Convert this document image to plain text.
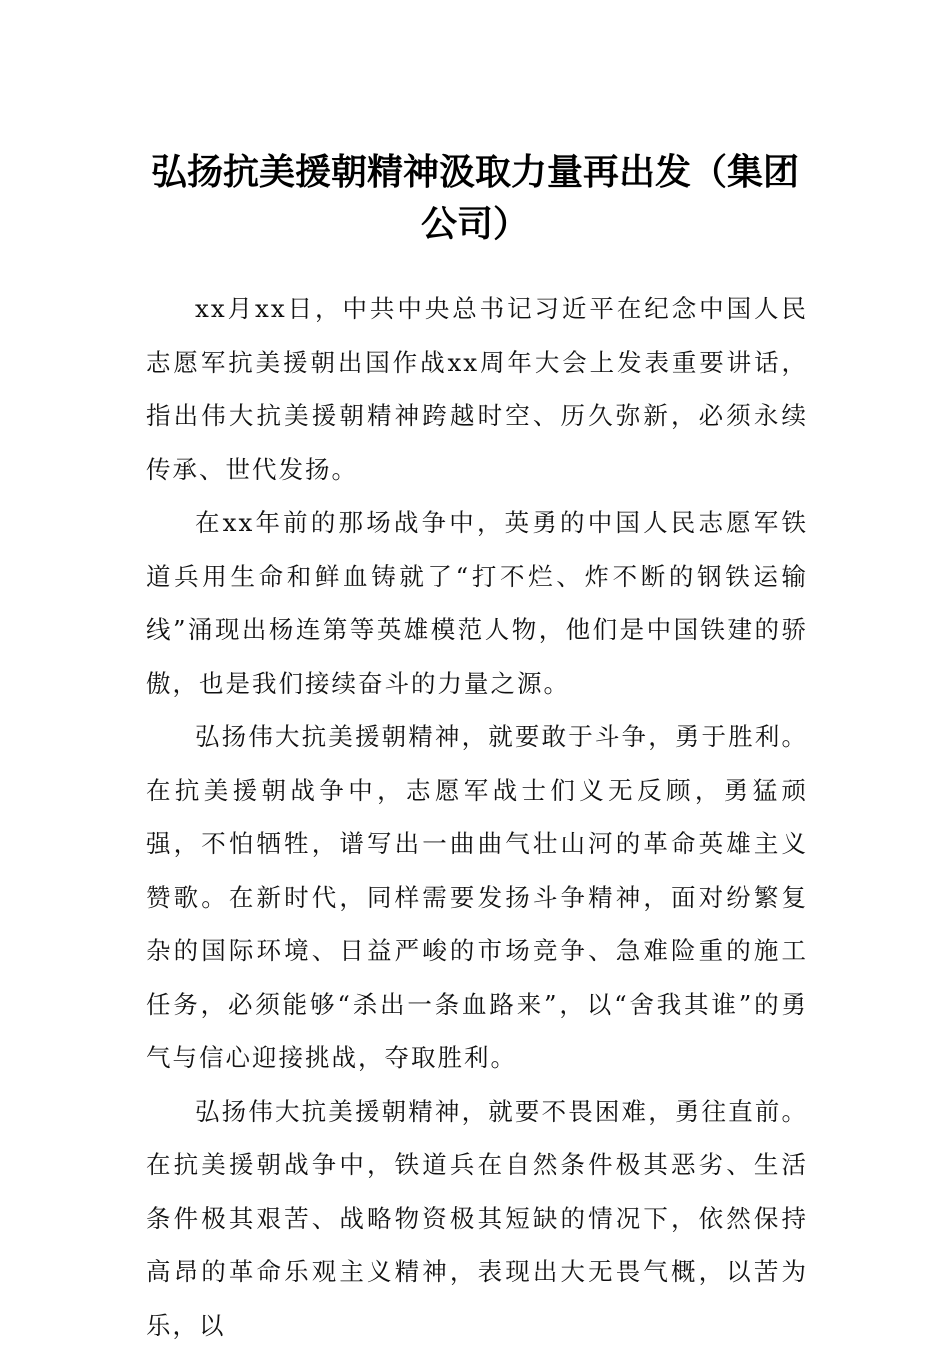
弘扬抗美援朝精神汲取力量再出发（集团公司）

xx月xx日，中共中央总书记习近平在纪念中国人民志愿军抗美援朝出国作战xx周年大会上发表重要讲话，指出伟大抗美援朝精神跨越时空、历久弥新，必须永续传承、世代发扬。

在xx年前的那场战争中，英勇的中国人民志愿军铁道兵用生命和鲜血铸就了“打不烂、炸不断的钢铁运输线”涌现出杨连第等英雄模范人物，他们是中国铁建的骄傲，也是我们接续奋斗的力量之源。

弘扬伟大抗美援朝精神，就要敢于斗争，勇于胜利。在抗美援朝战争中，志愿军战士们义无反顾，勇猛顽强，不怕牺牲，谱写出一曲曲气壮山河的革命英雄主义赞歌。在新时代，同样需要发扬斗争精神，面对纷繁复杂的国际环境、日益严峻的市场竞争、急难险重的施工任务，必须能够“杀出一条血路来”，以“舍我其谁”的勇气与信心迎接挑战，夺取胜利。

弘扬伟大抗美援朝精神，就要不畏困难，勇往直前。在抗美援朝战争中，铁道兵在自然条件极其恶劣、生活条件极其艰苦、战略物资极其短缺的情况下，依然保持高昂的革命乐观主义精神，表现出大无畏气概，以苦为乐，以
